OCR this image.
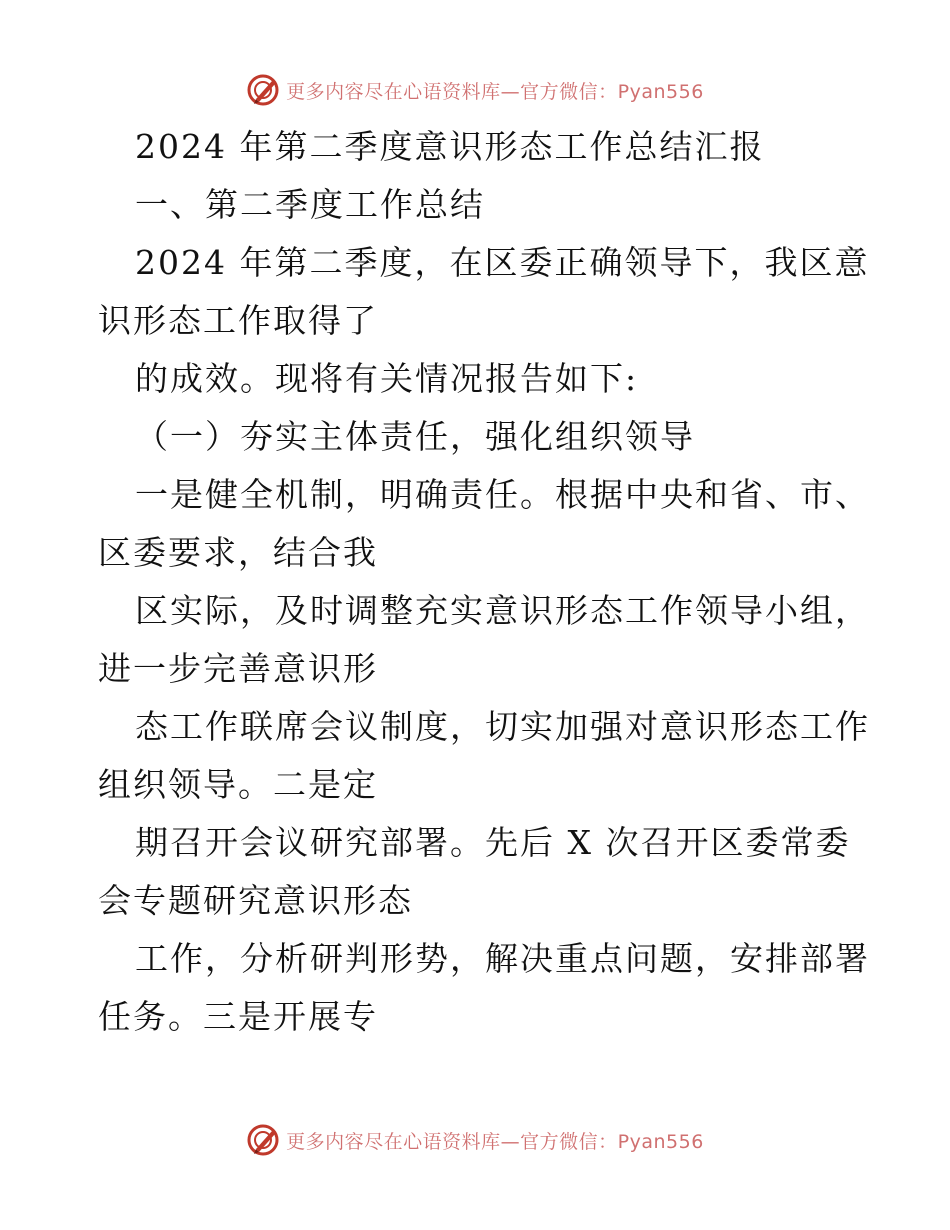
更多内容尽在心语资料库—官方微信：Pyan556
2024 年第二季度意识形态工作总结汇报
一、第二季度工作总结
2024 年第二季度，在区委正确领导下，我区意
识形态工作取得了
的成效。现将有关情况报告如下:
（一）夯实主体责任，强化组织领导
一是健全机制，明确责任。根据中央和省、市、
区委要求，结合我
区实际，及时调整充实意识形态工作领导小组，
进一步完善意识形
态工作联席会议制度，切实加强对意识形态工作
组织领导。二是定
期召开会议研究部署。先后 X 次召开区委常委
会专题研究意识形态
工作，分析研判形势，解决重点问题，安排部署
任务。三是开展专
更多内容尽在心语资料库—官方微信：Pyan556
